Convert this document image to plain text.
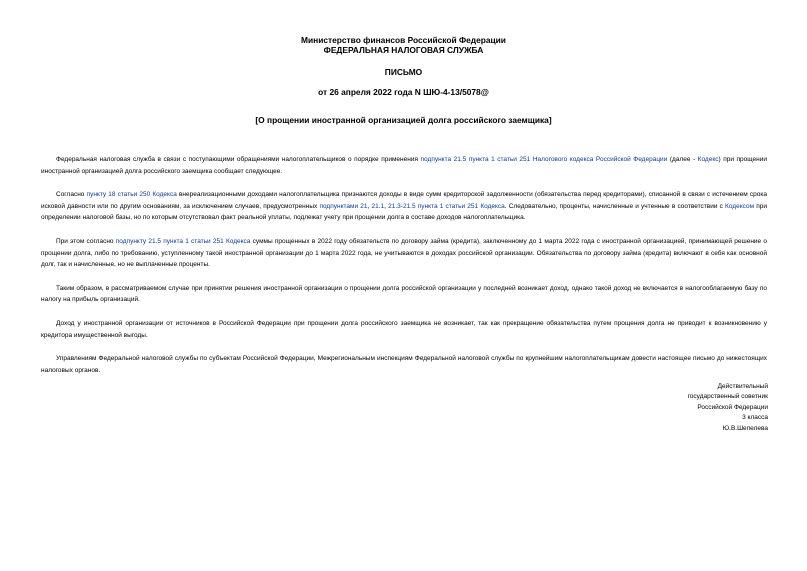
Министерство финансов Российской Федерации
ФЕДЕРАЛЬНАЯ НАЛОГОВАЯ СЛУЖБА
ПИСЬМО
от 26 апреля 2022 года N ШЮ-4-13/5078@
[О прощении иностранной организацией долга российского заемщика]

Федеральная налоговая служба в связи с поступающими обращениями налогоплательщиков о порядке применения подпункта 21.5 пункта 1 статьи 251 Налогового кодекса Российской Федерации (далее - Кодекс) при прощении иностранной организацией долга российского заемщика сообщает следующее.

Согласно пункту 18 статьи 250 Кодекса внереализационными доходами налогоплательщика признаются доходы в виде сумм кредиторской задолженности (обязательства перед кредиторами), списанной в связи с истечением срока исковой давности или по другим основаниям, за исключением случаев, предусмотренных подпунктами 21, 21.1, 21.3-21.5 пункта 1 статьи 251 Кодекса. Следовательно, проценты, начисленные и учтенные в соответствии с Кодексом при определении налоговой базы, но по которым отсутствовал факт реальной уплаты, подлежат учету при прощении долга в составе доходов налогоплательщика.

При этом согласно подпункту 21.5 пункта 1 статьи 251 Кодекса суммы прощенных в 2022 году обязательств по договору займа (кредита), заключенному до 1 марта 2022 года с иностранной организацией, принимающей решение о прощении долга, либо по требованию, уступленному такой иностранной организации до 1 марта 2022 года, не учитываются в доходах российской организации. Обязательства по договору займа (кредита) включают в себя как основной долг, так и начисленные, но не выплаченные проценты.

Таким образом, в рассматриваемом случае при принятии решения иностранной организации о прощении долга российской организации у последней возникает доход, однако такой доход не включается в налогооблагаемую базу по налогу на прибыль организаций.

Доход у иностранной организации от источников в Российской Федерации при прощении долга российского заемщика не возникает, так как прекращение обязательства путем прощения долга не приводит к возникновению у кредитора имущественной выгоды.

Управлениям Федеральной налоговой службы по субъектам Российской Федерации, Межрегиональным инспекциям Федеральной налоговой службы по крупнейшим налогоплательщикам довести настоящее письмо до нижестоящих налоговых органов.

Действительный
государственный советник
Российской Федерации
3 класса
Ю.В.Шепелева
